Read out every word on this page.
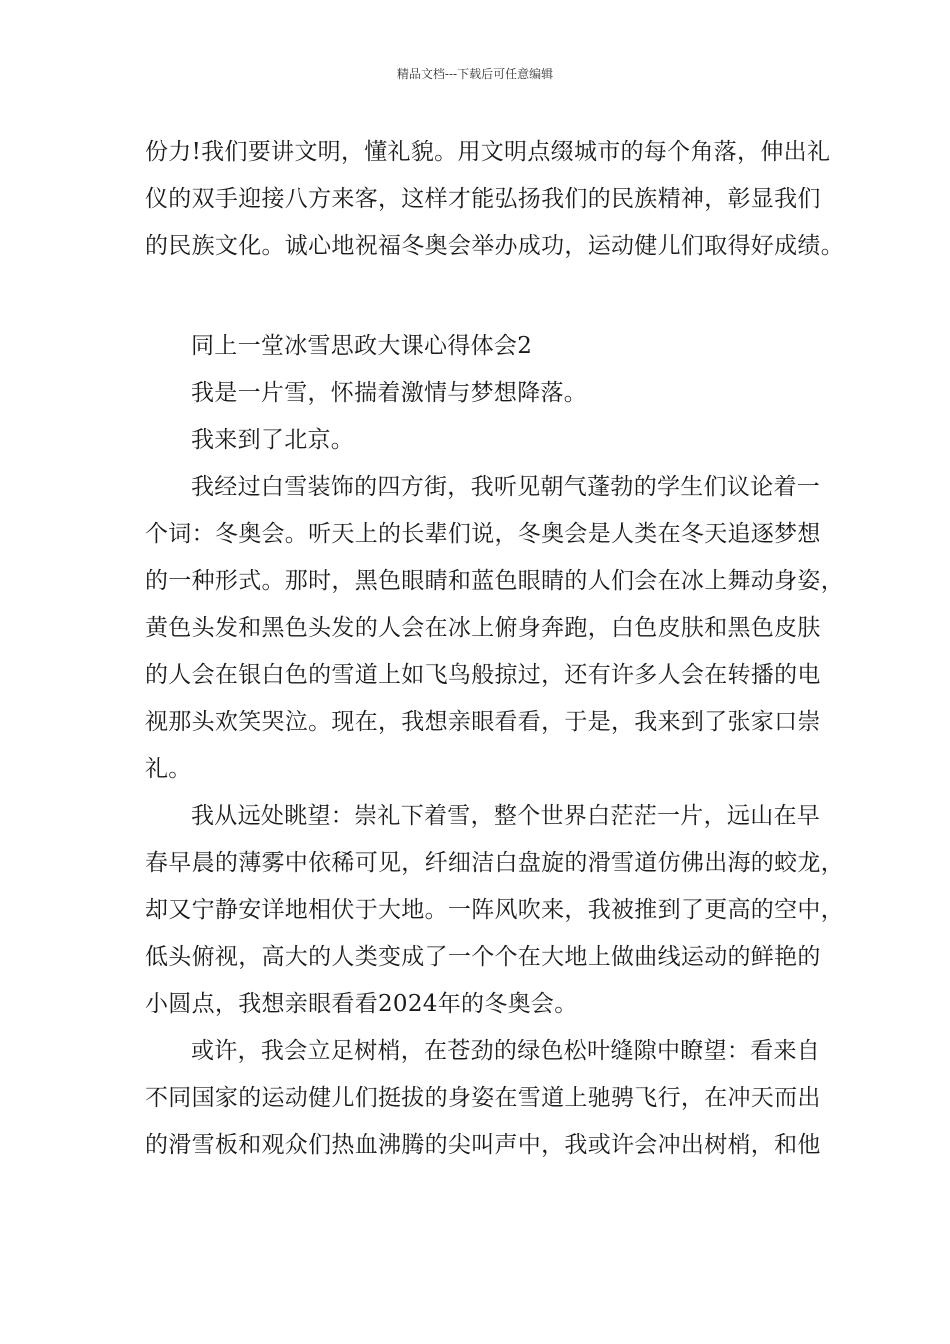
精品文档---下载后可任意编辑
份力!我们要讲文明，懂礼貌。用文明点缀城市的每个角落，伸出礼
仪的双手迎接八方来客，这样才能弘扬我们的民族精神，彰显我们
的民族文化。诚心地祝福冬奥会举办成功，运动健儿们取得好成绩。
同上一堂冰雪思政大课心得体会2
我是一片雪，怀揣着激情与梦想降落。
我来到了北京。
我经过白雪装饰的四方街，我听见朝气蓬勃的学生们议论着一
个词：冬奥会。听天上的长辈们说，冬奥会是人类在冬天追逐梦想
的一种形式。那时，黑色眼睛和蓝色眼睛的人们会在冰上舞动身姿，
黄色头发和黑色头发的人会在冰上俯身奔跑，白色皮肤和黑色皮肤
的人会在银白色的雪道上如飞鸟般掠过，还有许多人会在转播的电
视那头欢笑哭泣。现在，我想亲眼看看，于是，我来到了张家口崇
礼。
我从远处眺望：崇礼下着雪，整个世界白茫茫一片，远山在早
春早晨的薄雾中依稀可见，纤细洁白盘旋的滑雪道仿佛出海的蛟龙，
却又宁静安详地相伏于大地。一阵风吹来，我被推到了更高的空中，
低头俯视，高大的人类变成了一个个在大地上做曲线运动的鲜艳的
小圆点，我想亲眼看看2024年的冬奥会。
或许，我会立足树梢，在苍劲的绿色松叶缝隙中瞭望：看来自
不同国家的运动健儿们挺拔的身姿在雪道上驰骋飞行，在冲天而出
的滑雪板和观众们热血沸腾的尖叫声中，我或许会冲出树梢，和他
